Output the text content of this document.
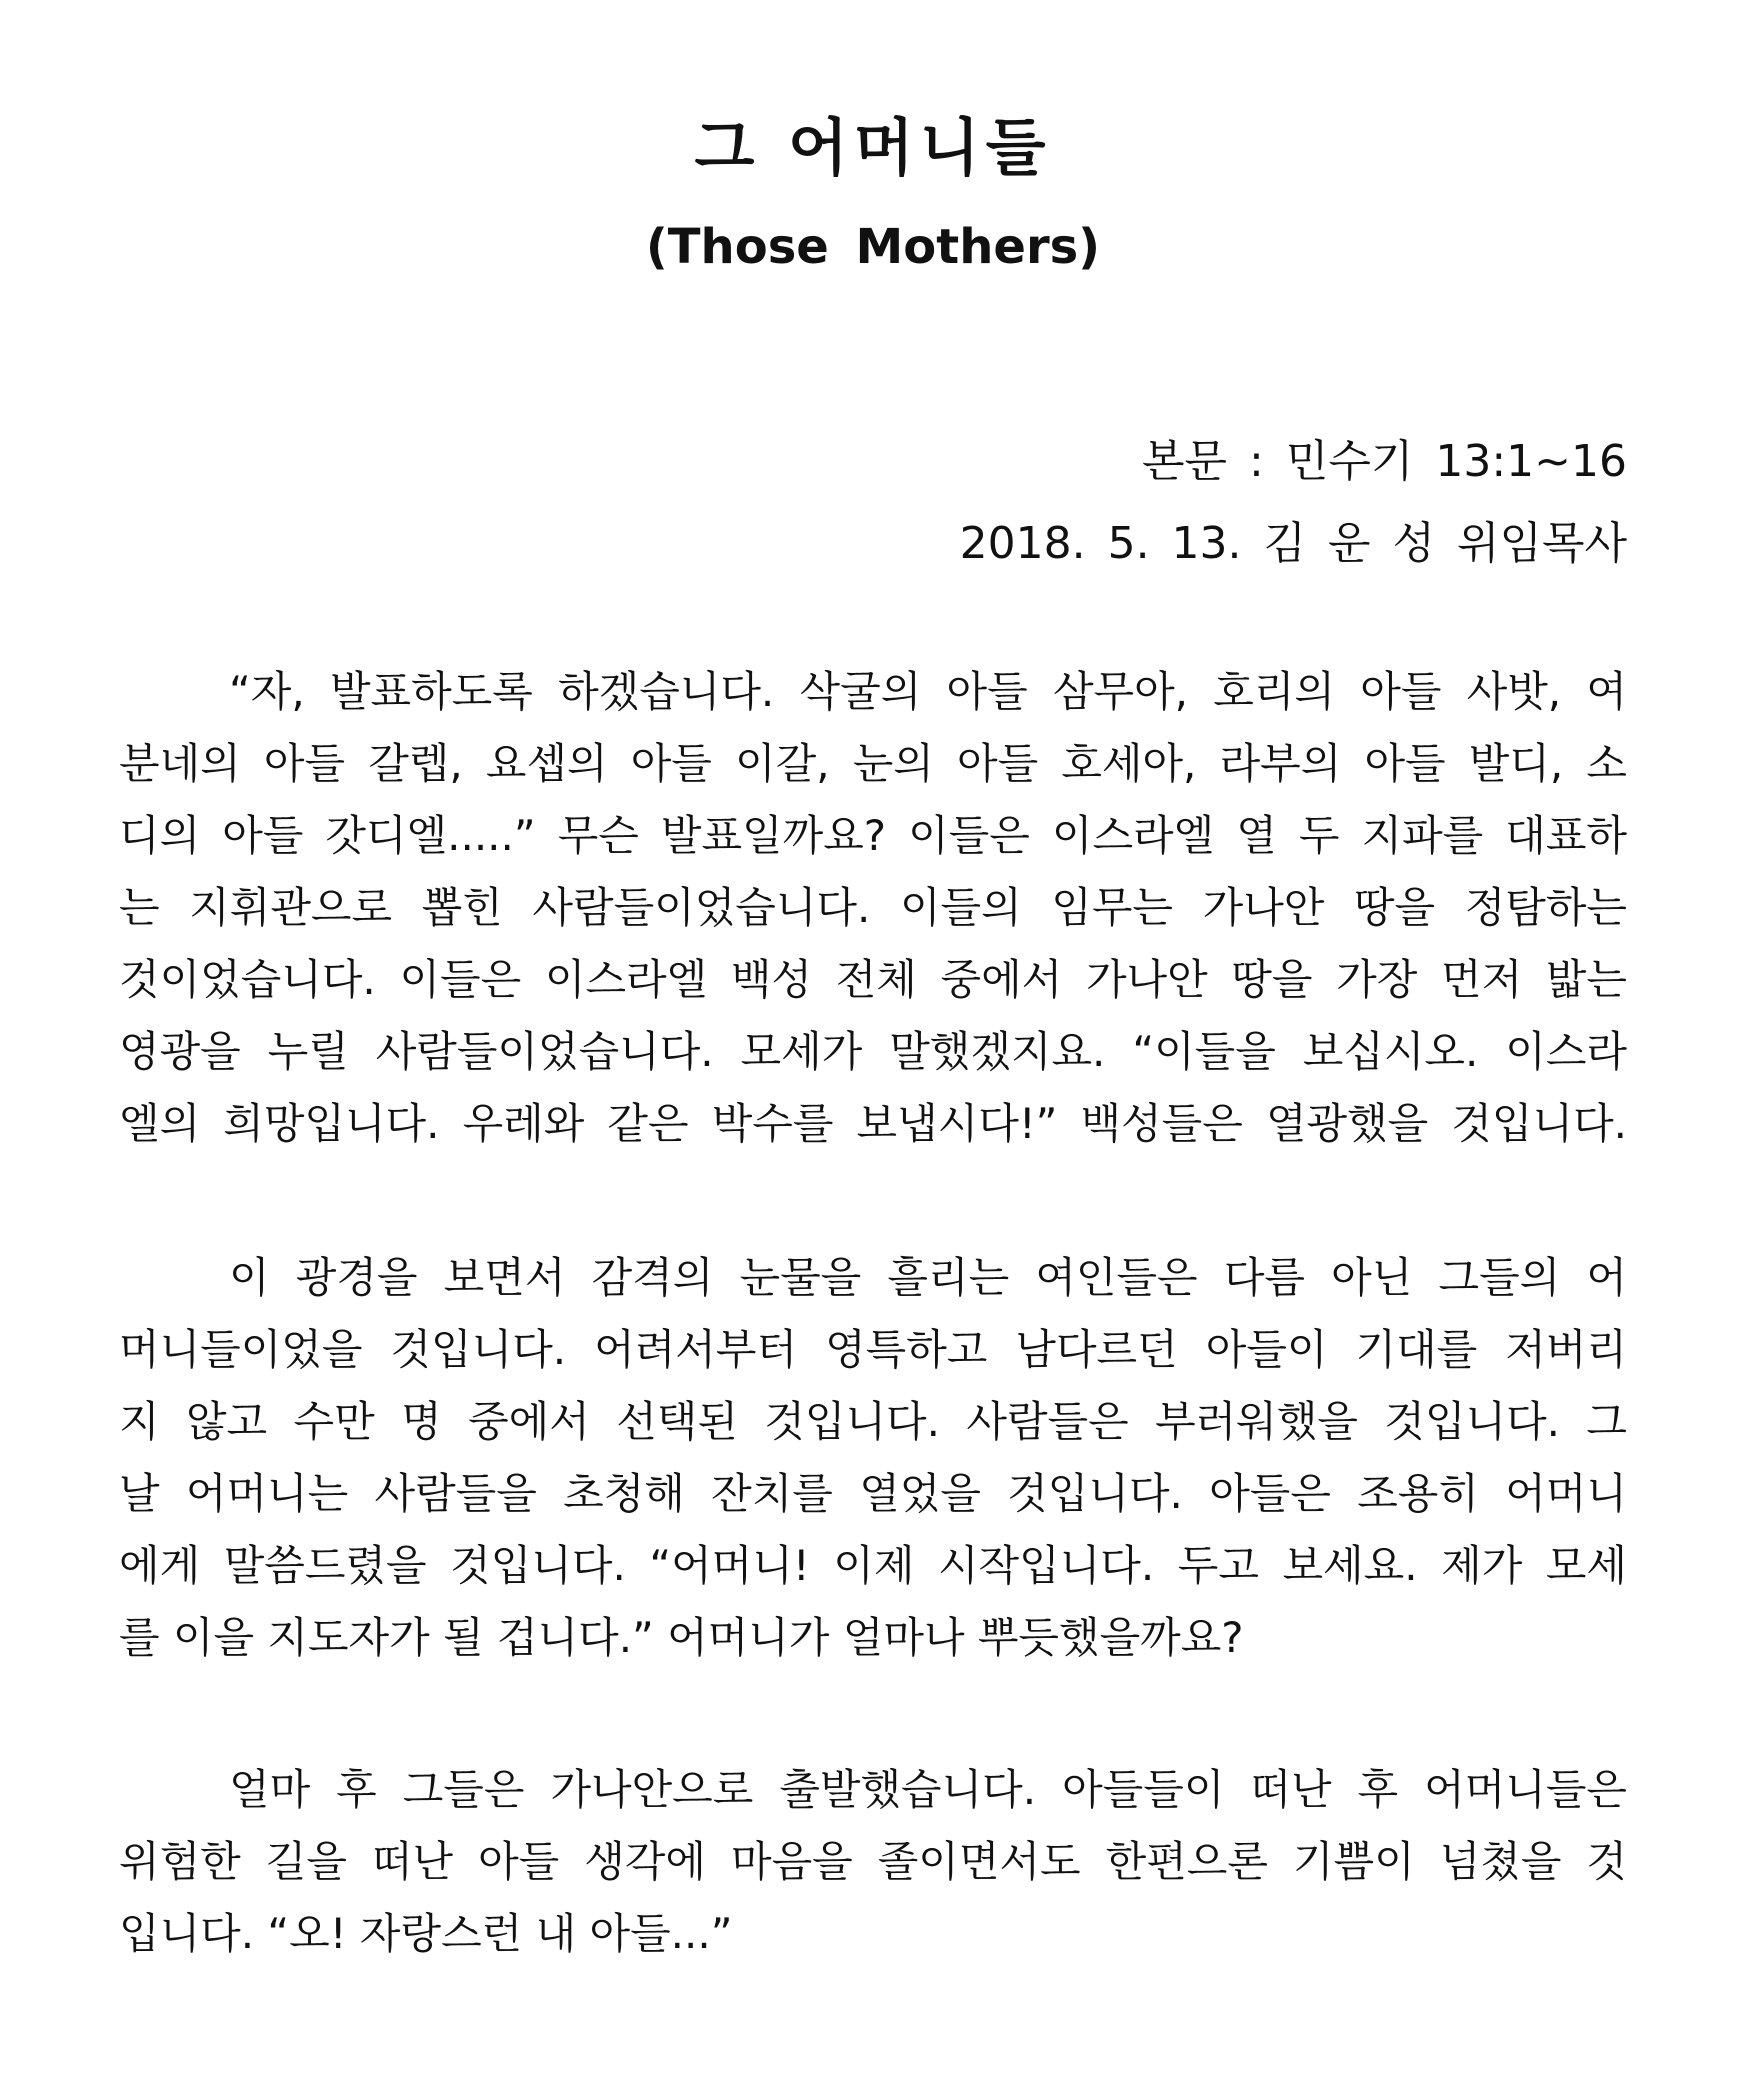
그 어머니들
(Those Mothers)
본문 : 민수기 13:1~16
2018. 5. 13. 김 운 성 위임목사
“자, 발표하도록 하겠습니다. 삭굴의 아들 삼무아, 호리의 아들 사밧, 여
분네의 아들 갈렙, 요셉의 아들 이갈, 눈의 아들 호세아, 라부의 아들 발디, 소
디의 아들 갓디엘.....” 무슨 발표일까요? 이들은 이스라엘 열 두 지파를 대표하
는 지휘관으로 뽑힌 사람들이었습니다. 이들의 임무는 가나안 땅을 정탐하는
것이었습니다. 이들은 이스라엘 백성 전체 중에서 가나안 땅을 가장 먼저 밟는
영광을 누릴 사람들이었습니다. 모세가 말했겠지요. “이들을 보십시오. 이스라
엘의 희망입니다. 우레와 같은 박수를 보냅시다!” 백성들은 열광했을 것입니다.
이 광경을 보면서 감격의 눈물을 흘리는 여인들은 다름 아닌 그들의 어
머니들이었을 것입니다. 어려서부터 영특하고 남다르던 아들이 기대를 저버리
지 않고 수만 명 중에서 선택된 것입니다. 사람들은 부러워했을 것입니다. 그
날 어머니는 사람들을 초청해 잔치를 열었을 것입니다. 아들은 조용히 어머니
에게 말씀드렸을 것입니다. “어머니! 이제 시작입니다. 두고 보세요. 제가 모세
를 이을 지도자가 될 겁니다.” 어머니가 얼마나 뿌듯했을까요?
얼마 후 그들은 가나안으로 출발했습니다. 아들들이 떠난 후 어머니들은
위험한 길을 떠난 아들 생각에 마음을 졸이면서도 한편으론 기쁨이 넘쳤을 것
입니다. “오! 자랑스런 내 아들...”
